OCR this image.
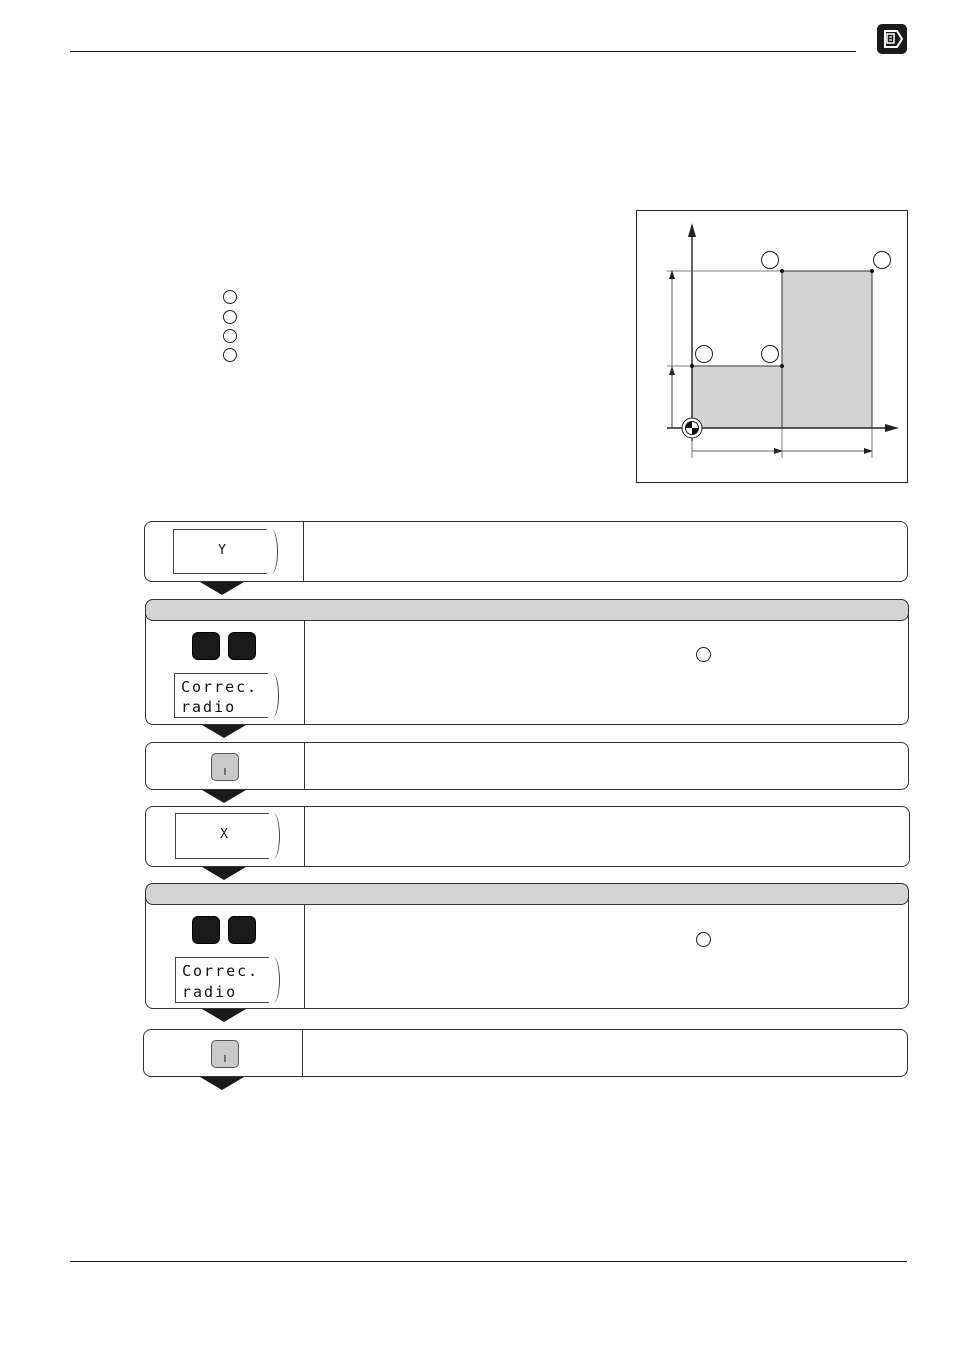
Y
Correc.
radio
I
X
Correc.
radio
I
